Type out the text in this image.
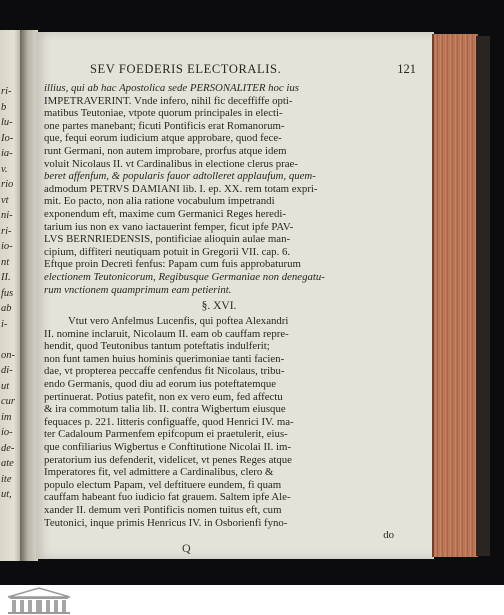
ri-
b
lu-
Io-
ia-
v.
rio
vt
ni-
ri-
io-
nt
II.
fus
ab
i-
on-
di-
ut
cur
im
io-
de-
ate
ite
ut,
SEV FOEDERIS ELECTORALIS.	121
illius, qui ab hac Apostolica sede PERSONALITER hoc ius
IMPETRAVERINT. Vnde infero, nihil fic deceffiffe opti-
matibus Teutoniae, vtpote quorum principales in electi-
one partes manebant; ficuti Pontificis erat Romanorum-
que, fequi eorum iudicium atque approbare, quod fece-
runt Germani, non autem improbare, prorfus atque idem
voluit Nicolaus II. vt Cardinalibus in electione clerus prae-
beret affenfum, & popularis fauor adtolleret applaufum, quem-
admodum PETRVS DAMIANI lib. I. ep. XX. rem totam expri-
mit. Eo pacto, non alia ratione vocabulum impetrandi
exponendum eft, maxime cum Germanici Reges heredi-
tarium ius non ex vano iactauerint femper, ficut ipfe PAV-
LVS BERNRIEDENSIS, pontificiae alioquin aulae man-
cipium, diffiteri neutiquam potuit in Gregorii VII. cap. 6.
Eftque proin Decreti fenfus: Papam cum fuis approbaturum
electionem Teutonicorum, Regibusque Germaniae non denegatu-
rum vnctionem quamprimum eam petierint.
§. XVI.
Vtut vero Anfelmus Lucenfis, qui poftea Alexandri
II. nomine inclaruit, Nicolaum II. eam ob cauffam repre-
hendit, quod Teutonibus tantum poteftatis indulferit;
non funt tamen huius hominis querimoniae tanti facien-
dae, vt propterea peccaffe cenfendus fit Nicolaus, tribu-
endo Germanis, quod diu ad eorum ius poteftatemque
pertinuerat. Potius patefit, non ex vero eum, fed affectu
& ira commotum talia lib. II. contra Wigbertum eiusque
fequaces p. 221. litteris configuaffe, quod Henrici IV. ma-
ter Cadaloum Parmenfem epifcopum ei praetulerit, eius-
que confiliarius Wigbertus e Conftitutione Nicolai II. im-
peratorium ius defenderit, videlicet, vt penes Reges atque
Imperatores fit, vel admittere a Cardinalibus, clero &
populo electum Papam, vel deftituere eundem, fi quam
cauffam habeant fuo iudicio fat grauem. Saltem ipfe Ale-
xander II. demum veri Pontificis nomen tuitus eft, cum
Teutonici, inque primis Henricus IV. in Osborienfi fyno-
do
Q
